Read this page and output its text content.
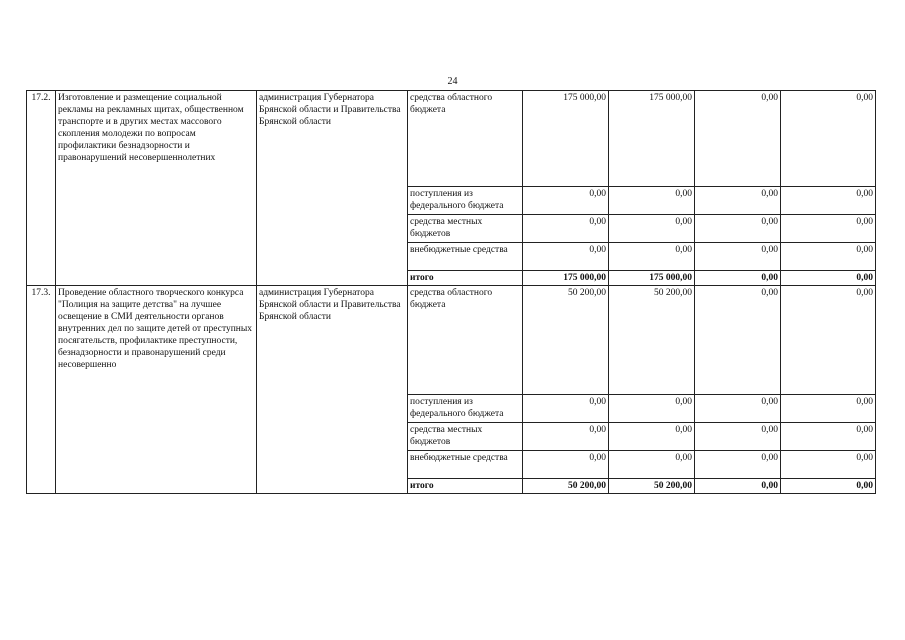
24
17.2.	Изготовление и размещение социальной рекламы на рекламных щитах, общественном транспорте и в других местах массового скопления молодежи по вопросам профилактики безнадзорности и правонарушений несовершеннолетних	администрация Губернатора Брянской области и Правительства Брянской области	средства областного бюджета	175 000,00	175 000,00	0,00	0,00
			поступления из федерального бюджета	0,00	0,00	0,00	0,00
			средства местных бюджетов	0,00	0,00	0,00	0,00
			внебюджетные средства	0,00	0,00	0,00	0,00
			итого	175 000,00	175 000,00	0,00	0,00
17.3.	Проведение областного творческого конкурса "Полиция на защите детства" на лучшее освещение в СМИ деятельности органов внутренних дел по защите детей от преступных посягательств, профилактике преступности, безнадзорности и правонарушений среди несовершенно	администрация Губернатора Брянской области и Правительства Брянской области	средства областного бюджета	50 200,00	50 200,00	0,00	0,00
			поступления из федерального бюджета	0,00	0,00	0,00	0,00
			средства местных бюджетов	0,00	0,00	0,00	0,00
			внебюджетные средства	0,00	0,00	0,00	0,00
			итого	50 200,00	50 200,00	0,00	0,00
